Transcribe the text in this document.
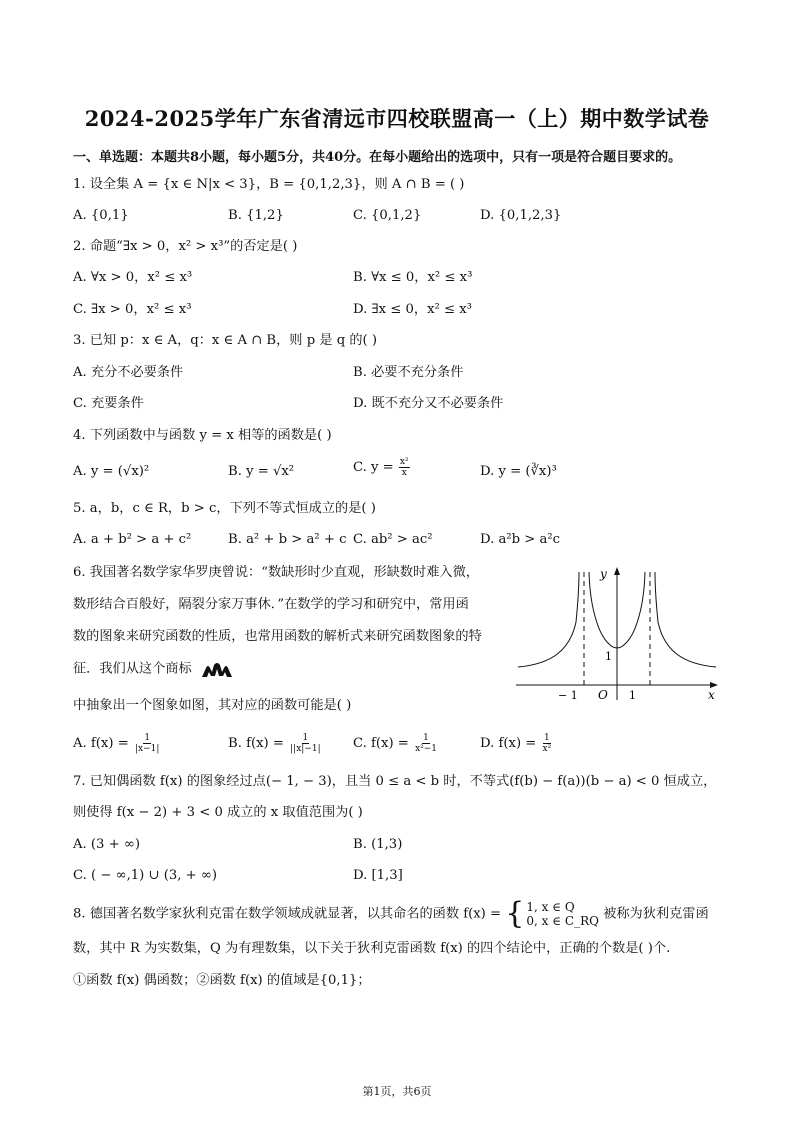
2024-2025学年广东省清远市四校联盟高一（上）期中数学试卷
一、单选题：本题共8小题，每小题5分，共40分。在每小题给出的选项中，只有一项是符合题目要求的。
1. 设全集 A = {x ∈ N|x < 3}，B = {0,1,2,3}，则 A ∩ B = ( )
A. {0,1}	B. {1,2}	C. {0,1,2}	D. {0,1,2,3}
2. 命题“∃x > 0，x² > x³”的否定是( )
A. ∀x > 0，x² ≤ x³	B. ∀x ≤ 0，x² ≤ x³
C. ∃x > 0，x² ≤ x³	D. ∃x ≤ 0，x² ≤ x³
3. 已知 p：x ∈ A，q：x ∈ A ∩ B，则 p 是 q 的( )
A. 充分不必要条件	B. 必要不充分条件
C. 充要条件	D. 既不充分又不必要条件
4. 下列函数中与函数 y = x 相等的函数是( )
A. y = (√x)²	B. y = √x²	C. $y = \frac{\text{x²}}{x}$	D. y = (∛x)³
5. a，b，c ∈ R，b > c，下列不等式恒成立的是( )
A. a + b² > a + c²	B. a² + b > a² + c C. ab² > ac²	D. a²b > a²c
6. 我国著名数学家华罗庚曾说：“数缺形时少直观，形缺数时难入微，
数形结合百般好，隔裂分家万事休．”在数学的学习和研究中，常用函
数的图象来研究函数的性质，也常用函数的解析式来研究函数图象的特
征．我们从这个商标
中抽象出一个图象如图，其对应的函数可能是( )
y
x
O
1
− 1	1
A. $f(x) = \frac{1}{|x-1|}$	B. $f(x) = \frac{1}{||x|-1|} C$. $f(x) = \frac{1}{\text{x²−1}}$	D. $f(x) = \frac{1}{\text{x²}}$
7. 已知偶函数 f(x) 的图象经过点(− 1, − 3)，且当 0 ≤ a < b 时，不等式(f(b) − f(a))(b − a) < 0 恒成立，
则使得 f(x − 2) + 3 < 0 成立的 x 取值范围为( )
A. (3 + ∞)	B. (1,3)
C. ( − ∞,1) ∪ (3, + ∞)	D. [1,3]
8. 德国著名数学家狄利克雷在数学领域成就显著，以其命名的函数 f(x) = { 1, x ∈ Q
0, x ∈ C_RQ 被称为狄利克雷函
数，其中 R 为实数集，Q 为有理数集，以下关于狄利克雷函数 f(x) 的四个结论中，正确的个数是( )个.
①函数 f(x) 偶函数；②函数 f(x) 的值域是{0,1}；
第1页，共6页
